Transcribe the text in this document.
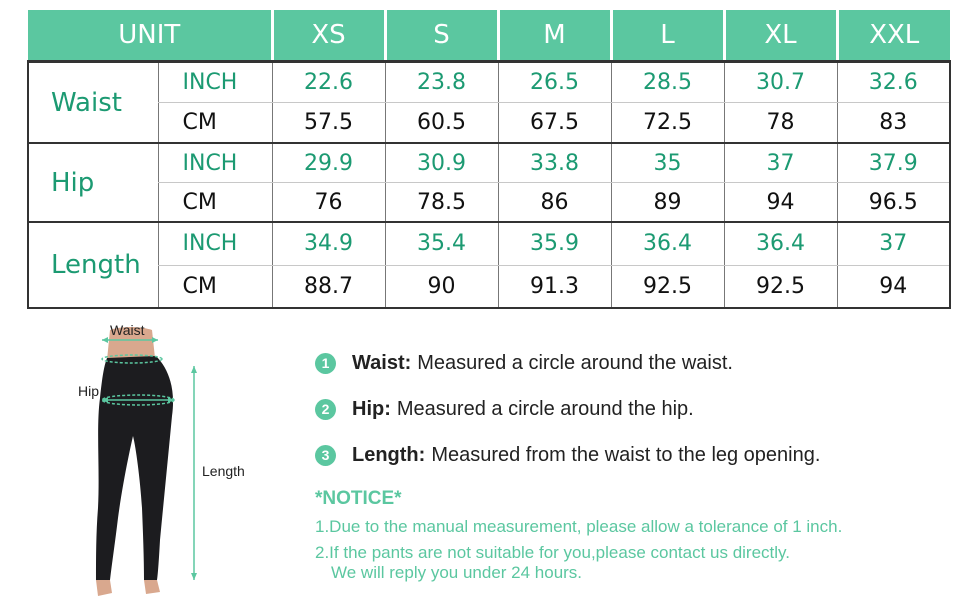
UNIT		XS	S	M	L	XL	XXL
Waist	INCH	22.6	23.8	26.5	28.5	30.7	32.6
	CM	57.5	60.5	67.5	72.5	78	83
Hip	INCH	29.9	30.9	33.8	35	37	37.9
	CM	76	78.5	86	89	94	96.5
Length	INCH	34.9	35.4	35.9	36.4	36.4	37
	CM	88.7	90	91.3	92.5	92.5	94
Waist
Hip
Length
1	Waist: Measured a circle around the waist.
2	Hip: Measured a circle around the hip.
3	Length: Measured from the waist to the leg opening.
*NOTICE*
1.Due to the manual measurement, please allow a tolerance of 1 inch.
2.If the pants are not suitable for you,please contact us directly.
We will reply you under 24 hours.
